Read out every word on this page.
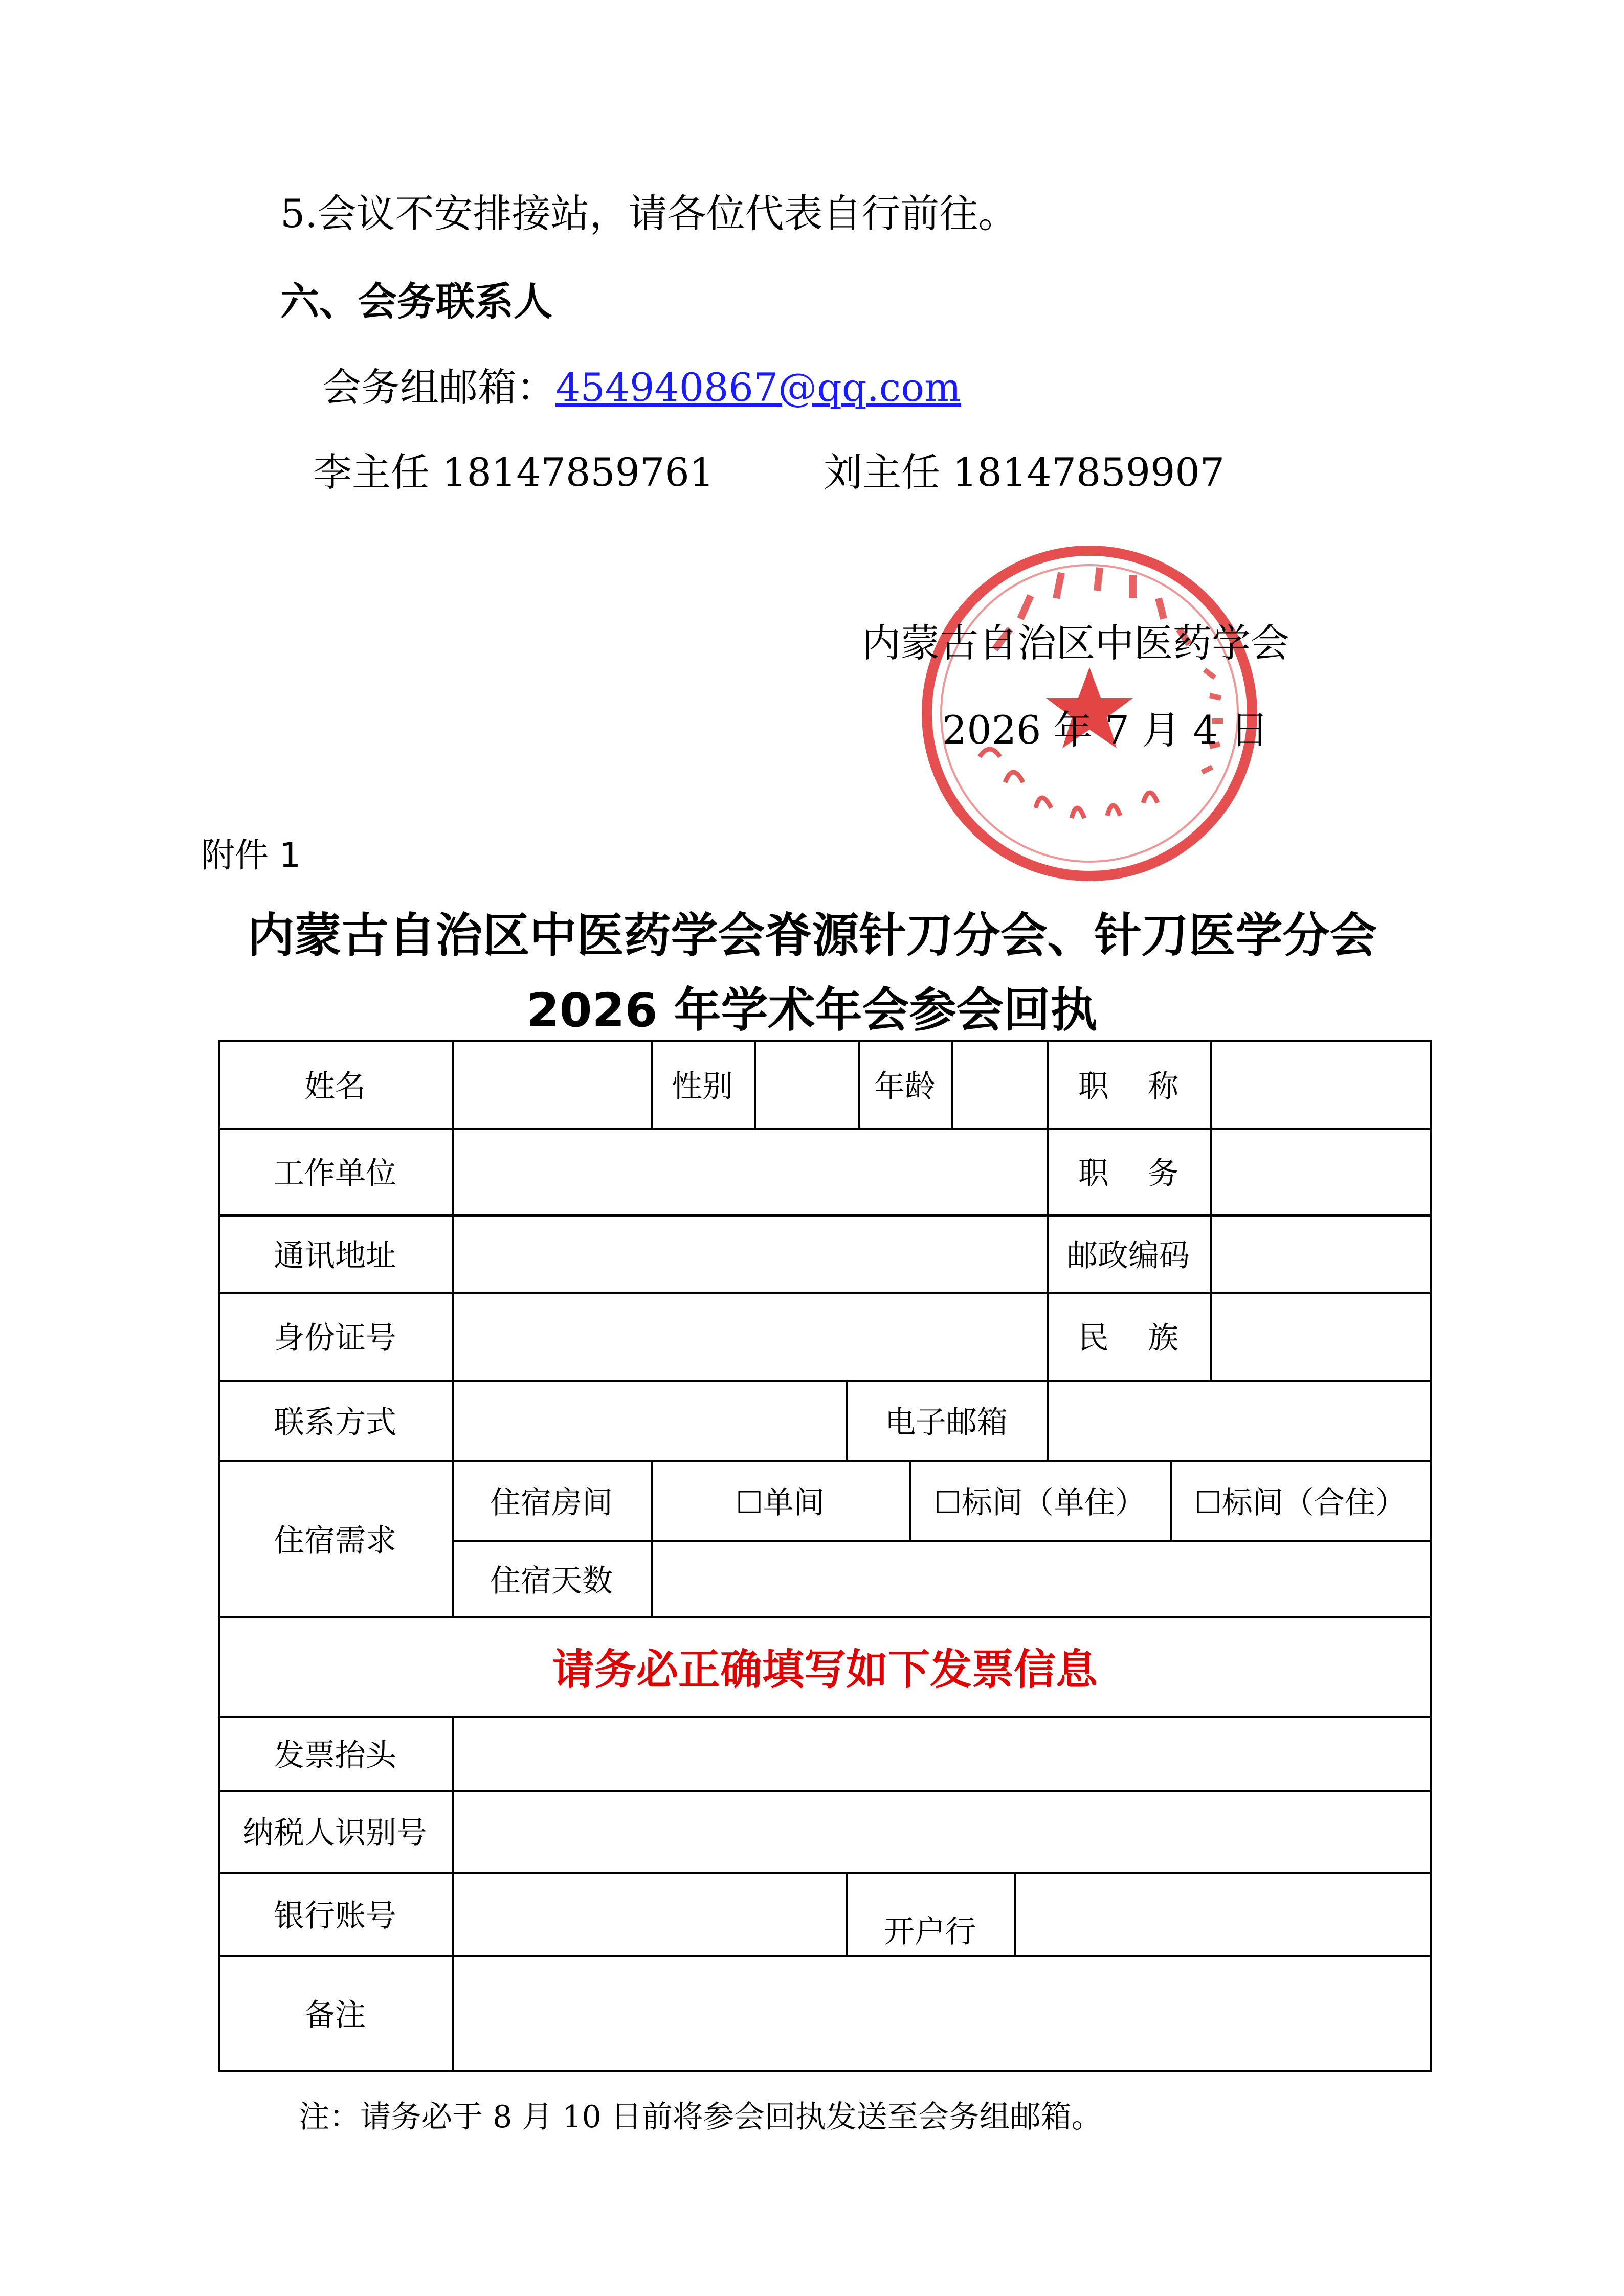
5.会议不安排接站，请各位代表自行前往。
六、会务联系人
会务组邮箱：454940867@qq.com
李主任 18147859761	刘主任 18147859907
内蒙古自治区中医药学会
2026 年 7 月 4 日
附件 1
内蒙古自治区中医药学会脊源针刀分会、针刀医学分会
2026 年学术年会参会回执
姓名	性别	年龄	职    称
工作单位	职    务
通讯地址	邮政编码
身份证号	民    族
联系方式	电子邮箱
住宿需求
住宿房间	☐单间	☐标间（单住）	☐标间（合住）
住宿天数
请务必正确填写如下发票信息
发票抬头
纳税人识别号
银行账号	开户行
备注
注：请务必于 8 月 10 日前将参会回执发送至会务组邮箱。
